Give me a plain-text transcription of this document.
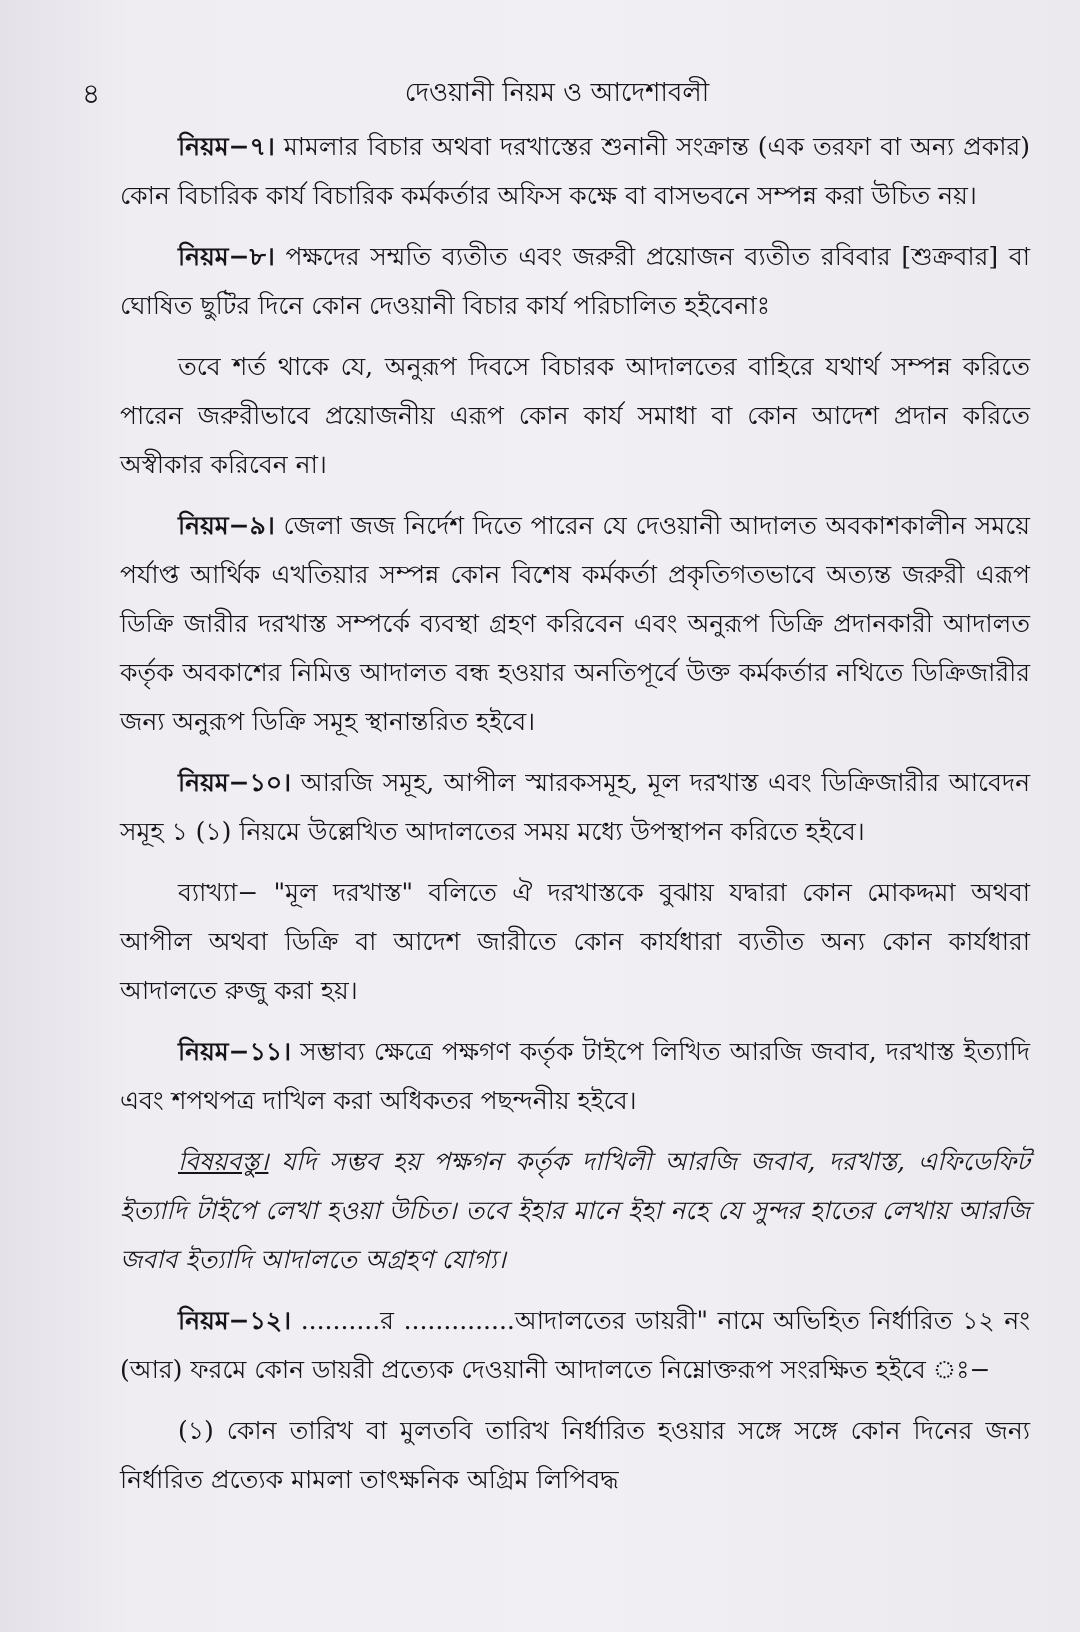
৪	দেওয়ানী নিয়ম ও আদেশাবলী

নিয়ম−৭। মামলার বিচার অথবা দরখাস্তের শুনানী সংক্রান্ত (এক তরফা বা অন্য প্রকার) কোন বিচারিক কার্য বিচারিক কর্মকর্তার অফিস কক্ষে বা বাসভবনে সম্পন্ন করা উচিত নয়।

নিয়ম−৮। পক্ষদের সম্মতি ব্যতীত এবং জরুরী প্রয়োজন ব্যতীত রবিবার [শুক্রবার] বা ঘোষিত ছুটির দিনে কোন দেওয়ানী বিচার কার্য পরিচালিত হইবেনাঃ

তবে শর্ত থাকে যে, অনুরূপ দিবসে বিচারক আদালতের বাহিরে যথার্থ সম্পন্ন করিতে পারেন জরুরীভাবে প্রয়োজনীয় এরূপ কোন কার্য সমাধা বা কোন আদেশ প্রদান করিতে অস্বীকার করিবেন না।

নিয়ম−৯। জেলা জজ নির্দেশ দিতে পারেন যে দেওয়ানী আদালত অবকাশকালীন সময়ে পর্যাপ্ত আর্থিক এখতিয়ার সম্পন্ন কোন বিশেষ কর্মকর্তা প্রকৃতিগতভাবে অত্যন্ত জরুরী এরূপ ডিক্রি জারীর দরখাস্ত সম্পর্কে ব্যবস্থা গ্রহণ করিবেন এবং অনুরূপ ডিক্রি প্রদানকারী আদালত কর্তৃক অবকাশের নিমিত্ত আদালত বন্ধ হওয়ার অনতিপূর্বে উক্ত কর্মকর্তার নথিতে ডিক্রিজারীর জন্য অনুরূপ ডিক্রি সমূহ স্থানান্তরিত হইবে।

নিয়ম−১০। আরজি সমূহ, আপীল স্মারকসমূহ, মূল দরখাস্ত এবং ডিক্রিজারীর আবেদন সমূহ ১ (১) নিয়মে উল্লেখিত আদালতের সময় মধ্যে উপস্থাপন করিতে হইবে।

ব্যাখ্যা− "মূল দরখাস্ত" বলিতে ঐ দরখাস্তকে বুঝায় যদ্বারা কোন মোকদ্দমা অথবা আপীল অথবা ডিক্রি বা আদেশ জারীতে কোন কার্যধারা ব্যতীত অন্য কোন কার্যধারা আদালতে রুজু করা হয়।

নিয়ম−১১। সম্ভাব্য ক্ষেত্রে পক্ষগণ কর্তৃক টাইপে লিখিত আরজি জবাব, দরখাস্ত ইত্যাদি এবং শপথপত্র দাখিল করা অধিকতর পছন্দনীয় হইবে।

বিষয়বস্তু। যদি সম্ভব হয় পক্ষগন কর্তৃক দাখিলী আরজি জবাব, দরখাস্ত, এফিডেফিট ইত্যাদি টাইপে লেখা হওয়া উচিত। তবে ইহার মানে ইহা নহে যে সুন্দর হাতের লেখায় আরজি জবাব ইত্যাদি আদালতে অগ্রহণ যোগ্য।

নিয়ম−১২। ..........র ..............আদালতের ডায়রী" নামে অভিহিত নির্ধারিত ১২ নং (আর) ফরমে কোন ডায়রী প্রত্যেক দেওয়ানী আদালতে নিম্নোক্তরূপ সংরক্ষিত হইবে ঃ−

(১) কোন তারিখ বা মুলতবি তারিখ নির্ধারিত হওয়ার সঙ্গে সঙ্গে কোন দিনের জন্য নির্ধারিত প্রত্যেক মামলা তাৎক্ষনিক অগ্রিম লিপিবদ্ধ
